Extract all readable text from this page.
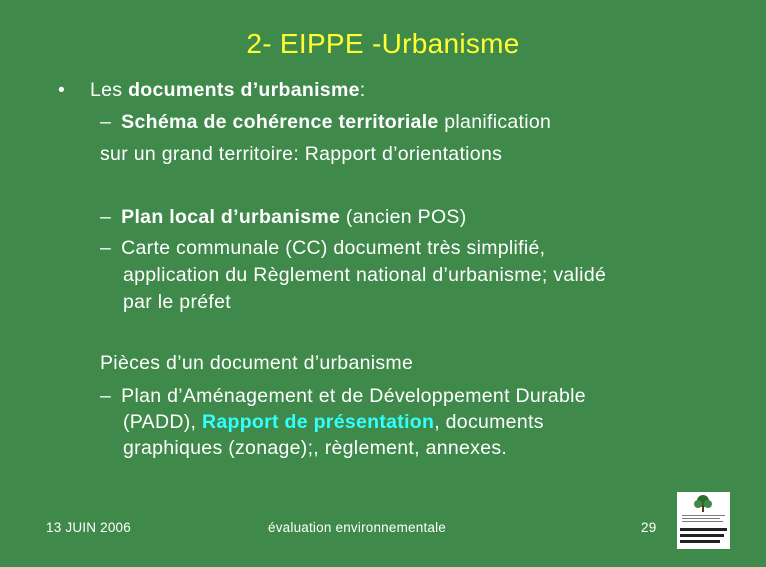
2- EIPPE -Urbanisme
• Les documents d’urbanisme:
– Schéma de cohérence territoriale planification
sur un grand territoire: Rapport d’orientations
– Plan local d’urbanisme (ancien POS)
– Carte communale (CC) document très simplifié,
application du Règlement national d’urbanisme; validé
par le préfet
Pièces d’un document d’urbanisme
– Plan d’Aménagement et de Développement Durable
(PADD), Rapport de présentation, documents
graphiques (zonage);, règlement, annexes.
13 JUIN 2006	évaluation environnementale	29
